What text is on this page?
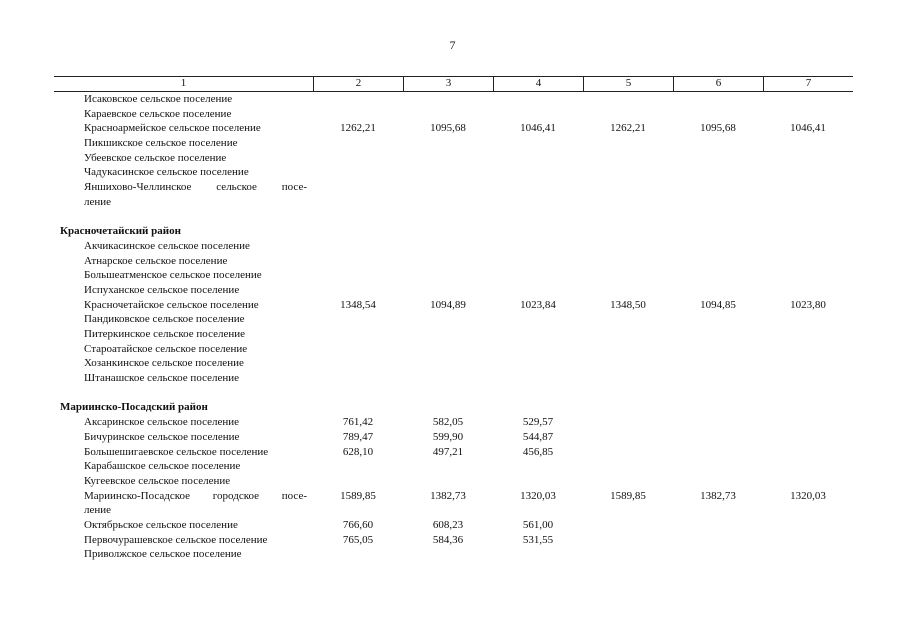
7
1	2	3	4	5	6	7
Исаковское сельское поселение
Караевское сельское поселение
Красноармейское сельское поселение	1262,21	1095,68	1046,41	1262,21	1095,68	1046,41
Пикшикское сельское поселение
Убеевское сельское поселение
Чадукасинское сельское поселение
Яншихово-Челлинское сельское посе-
ление
Красночетайский район
Акчикасинское сельское поселение
Атнарское сельское поселение
Большеатменское сельское поселение
Испуханское сельское поселение
Красночетайское сельское поселение	1348,54	1094,89	1023,84	1348,50	1094,85	1023,80
Пандиковское сельское поселение
Питеркинское сельское поселение
Староатайское сельское поселение
Хозанкинское сельское поселение
Штанашское сельское поселение
Мариинско-Посадский район
Аксаринское сельское поселение	761,42	582,05	529,57
Бичуринское сельское поселение	789,47	599,90	544,87
Большешигаевское сельское поселение	628,10	497,21	456,85
Карабашское сельское поселение
Кугеевское сельское поселение
Мариинско-Посадское городское посе-	1589,85	1382,73	1320,03	1589,85	1382,73	1320,03
ление
Октябрьское сельское поселение	766,60	608,23	561,00
Первочурашевское сельское поселение	765,05	584,36	531,55
Приволжское сельское поселение
